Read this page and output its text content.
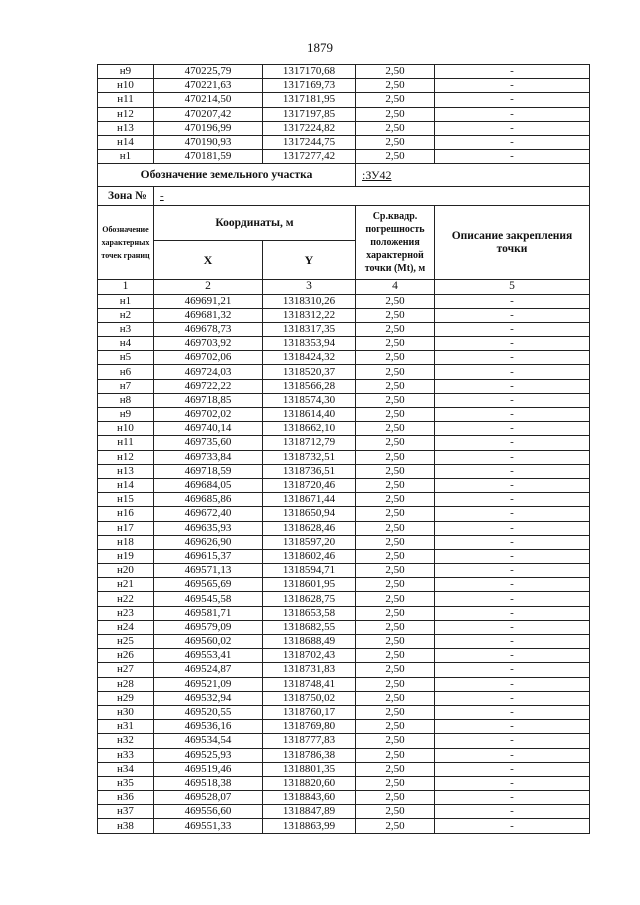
1879
н9	470225,79	1317170,68	2,50	-
н10	470221,63	1317169,73	2,50	-
н11	470214,50	1317181,95	2,50	-
н12	470207,42	1317197,85	2,50	-
н13	470196,99	1317224,82	2,50	-
н14	470190,93	1317244,75	2,50	-
н1	470181,59	1317277,42	2,50	-
Обозначение земельного участка			:ЗУ42	
Зона №	-			
Обозначение характерных точек границ	Координаты, м		Ср.квадр. погрешность положения характерной точки (Mt), м	Описание закрепления точки
	X	Y		
1	2	3	4	5
н1	469691,21	1318310,26	2,50	-
н2	469681,32	1318312,22	2,50	-
н3	469678,73	1318317,35	2,50	-
н4	469703,92	1318353,94	2,50	-
н5	469702,06	1318424,32	2,50	-
н6	469724,03	1318520,37	2,50	-
н7	469722,22	1318566,28	2,50	-
н8	469718,85	1318574,30	2,50	-
н9	469702,02	1318614,40	2,50	-
н10	469740,14	1318662,10	2,50	-
н11	469735,60	1318712,79	2,50	-
н12	469733,84	1318732,51	2,50	-
н13	469718,59	1318736,51	2,50	-
н14	469684,05	1318720,46	2,50	-
н15	469685,86	1318671,44	2,50	-
н16	469672,40	1318650,94	2,50	-
н17	469635,93	1318628,46	2,50	-
н18	469626,90	1318597,20	2,50	-
н19	469615,37	1318602,46	2,50	-
н20	469571,13	1318594,71	2,50	-
н21	469565,69	1318601,95	2,50	-
н22	469545,58	1318628,75	2,50	-
н23	469581,71	1318653,58	2,50	-
н24	469579,09	1318682,55	2,50	-
н25	469560,02	1318688,49	2,50	-
н26	469553,41	1318702,43	2,50	-
н27	469524,87	1318731,83	2,50	-
н28	469521,09	1318748,41	2,50	-
н29	469532,94	1318750,02	2,50	-
н30	469520,55	1318760,17	2,50	-
н31	469536,16	1318769,80	2,50	-
н32	469534,54	1318777,83	2,50	-
н33	469525,93	1318786,38	2,50	-
н34	469519,46	1318801,35	2,50	-
н35	469518,38	1318820,60	2,50	-
н36	469528,07	1318843,60	2,50	-
н37	469556,60	1318847,89	2,50	-
н38	469551,33	1318863,99	2,50	-
